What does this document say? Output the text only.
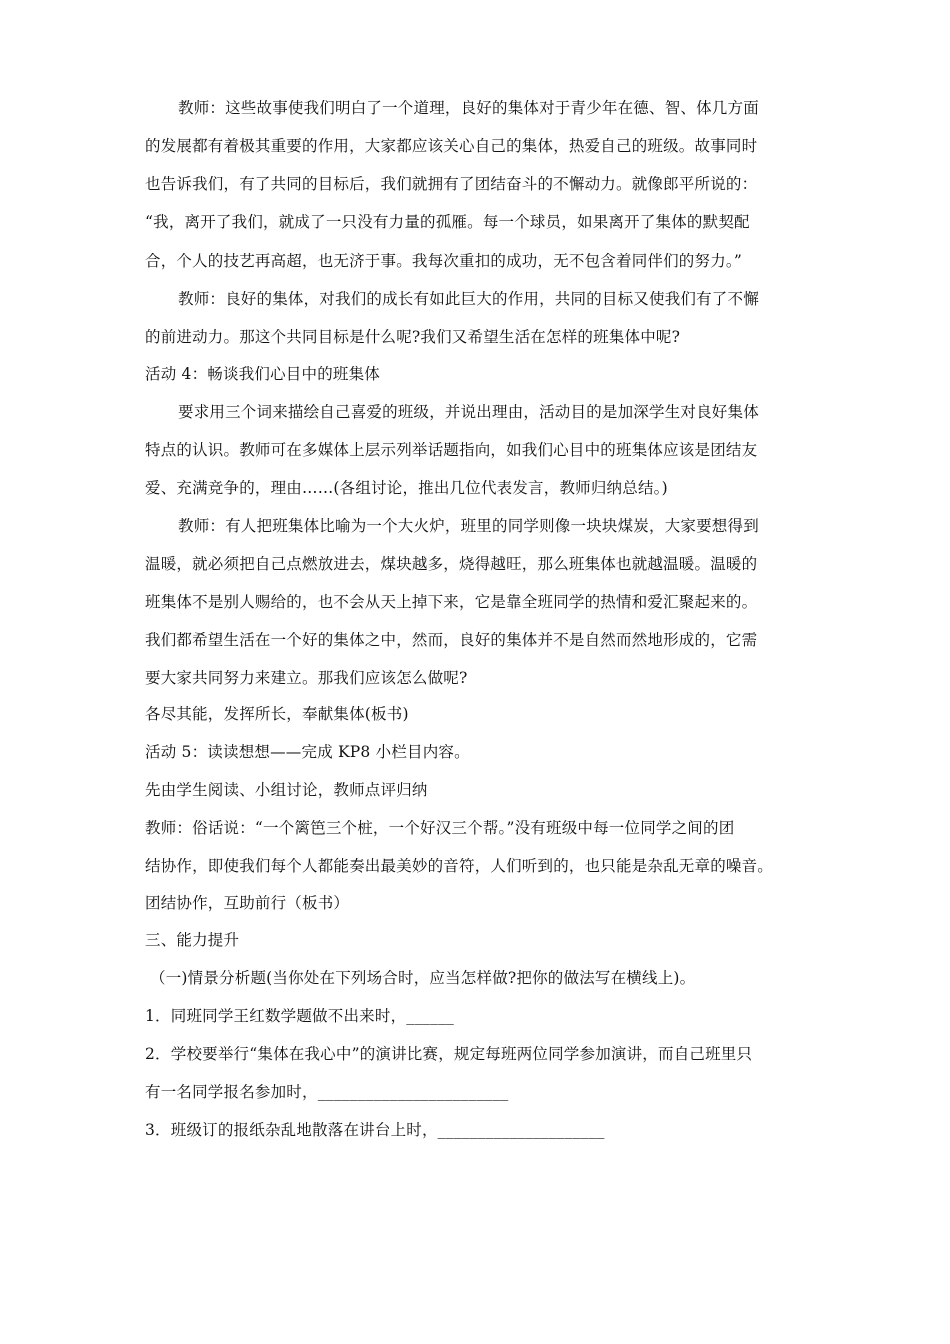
教师：这些故事使我们明白了一个道理，良好的集体对于青少年在德、智、体几方面
的发展都有着极其重要的作用，大家都应该关心自己的集体，热爱自己的班级。故事同时
也告诉我们，有了共同的目标后，我们就拥有了团结奋斗的不懈动力。就像郎平所说的：
“我，离开了我们，就成了一只没有力量的孤雁。每一个球员，如果离开了集体的默契配
合，个人的技艺再高超，也无济于事。我每次重扣的成功，无不包含着同伴们的努力。”
教师：良好的集体，对我们的成长有如此巨大的作用，共同的目标又使我们有了不懈
的前进动力。那这个共同目标是什么呢?我们又希望生活在怎样的班集体中呢?
活动 4：畅谈我们心目中的班集体
要求用三个词来描绘自己喜爱的班级，并说出理由，活动目的是加深学生对良好集体
特点的认识。教师可在多媒体上层示列举话题指向，如我们心目中的班集体应该是团结友
爱、充满竞争的，理由……(各组讨论，推出几位代表发言，教师归纳总结。)
教师：有人把班集体比喻为一个大火炉，班里的同学则像一块块煤炭，大家要想得到
温暖，就必须把自己点燃放进去，煤块越多，烧得越旺，那么班集体也就越温暖。温暖的
班集体不是别人赐给的，也不会从天上掉下来，它是靠全班同学的热情和爱汇聚起来的。
我们都希望生活在一个好的集体之中，然而，良好的集体并不是自然而然地形成的，它需
要大家共同努力来建立。那我们应该怎么做呢?
各尽其能，发挥所长，奉献集体(板书)
活动 5：读读想想——完成 KP8 小栏目内容。
先由学生阅读、小组讨论，教师点评归纳
教师：俗话说：“一个篱笆三个桩，一个好汉三个帮。”没有班级中每一位同学之间的团
结协作，即使我们每个人都能奏出最美妙的音符，人们听到的，也只能是杂乱无章的噪音。
团结协作，互助前行（板书）
三、能力提升
（一)情景分析题(当你处在下列场合时，应当怎样做?把你的做法写在横线上)。
1．同班同学王红数学题做不出来时，______
2．学校要举行“集体在我心中”的演讲比赛，规定每班两位同学参加演讲，而自己班里只
有一名同学报名参加时，________________________
3．班级订的报纸杂乱地散落在讲台上时，_____________________
